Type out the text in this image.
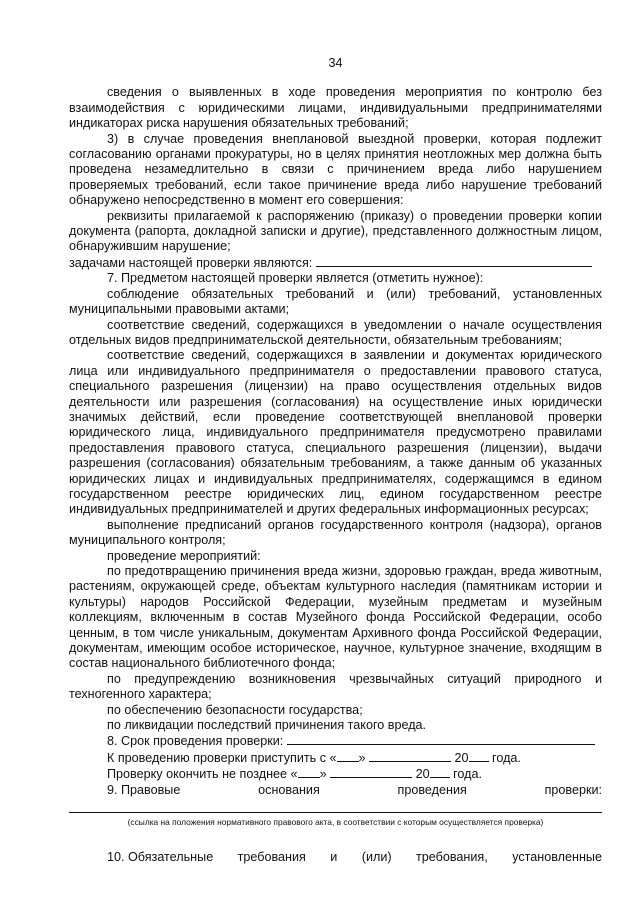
34

сведения о выявленных в ходе проведения мероприятия по контролю без взаимодействия с юридическими лицами, индивидуальными предпринимателями индикаторах риска нарушения обязательных требований;

3) в случае проведения внеплановой выездной проверки, которая подлежит согласованию органами прокуратуры, но в целях принятия неотложных мер должна быть проведена незамедлительно в связи с причинением вреда либо нарушением проверяемых требований, если такое причинение вреда либо нарушение требований обнаружено непосредственно в момент его совершения:

реквизиты прилагаемой к распоряжению (приказу) о проведении проверки копии документа (рапорта, докладной записки и другие), представленного должностным лицом, обнаружившим нарушение;

задачами настоящей проверки являются:

7. Предметом настоящей проверки является (отметить нужное):

соблюдение обязательных требований и (или) требований, установленных муниципальными правовыми актами;

соответствие сведений, содержащихся в уведомлении о начале осуществления отдельных видов предпринимательской деятельности, обязательным требованиям;

соответствие сведений, содержащихся в заявлении и документах юридического лица или индивидуального предпринимателя о предоставлении правового статуса, специального разрешения (лицензии) на право осуществления отдельных видов деятельности или разрешения (согласования) на осуществление иных юридически значимых действий, если проведение соответствующей внеплановой проверки юридического лица, индивидуального предпринимателя предусмотрено правилами предоставления правового статуса, специального разрешения (лицензии), выдачи разрешения (согласования) обязательным требованиям, а также данным об указанных юридических лицах и индивидуальных предпринимателях, содержащимся в едином государственном реестре юридических лиц, едином государственном реестре индивидуальных предпринимателей и других федеральных информационных ресурсах;

выполнение предписаний органов государственного контроля (надзора), органов муниципального контроля;

проведение мероприятий:

по предотвращению причинения вреда жизни, здоровью граждан, вреда животным, растениям, окружающей среде, объектам культурного наследия (памятникам истории и культуры) народов Российской Федерации, музейным предметам и музейным коллекциям, включенным в состав Музейного фонда Российской Федерации, особо ценным, в том числе уникальным, документам Архивного фонда Российской Федерации, документам, имеющим особое историческое, научное, культурное значение, входящим в состав национального библиотечного фонда;

по предупреждению возникновения чрезвычайных ситуаций природного и техногенного характера;

по обеспечению безопасности государства;

по ликвидации последствий причинения такого вреда.

8. Срок проведения проверки:

К проведению проверки приступить с « »	20 года.

Проверку окончить не позднее « »	20 года.

9. Правовые	основания	проведения	проверки:
(ссылка на положения нормативного правового акта, в соответствии с которым осуществляется проверка)
10. Обязательные требования и (или) требования, установленные
